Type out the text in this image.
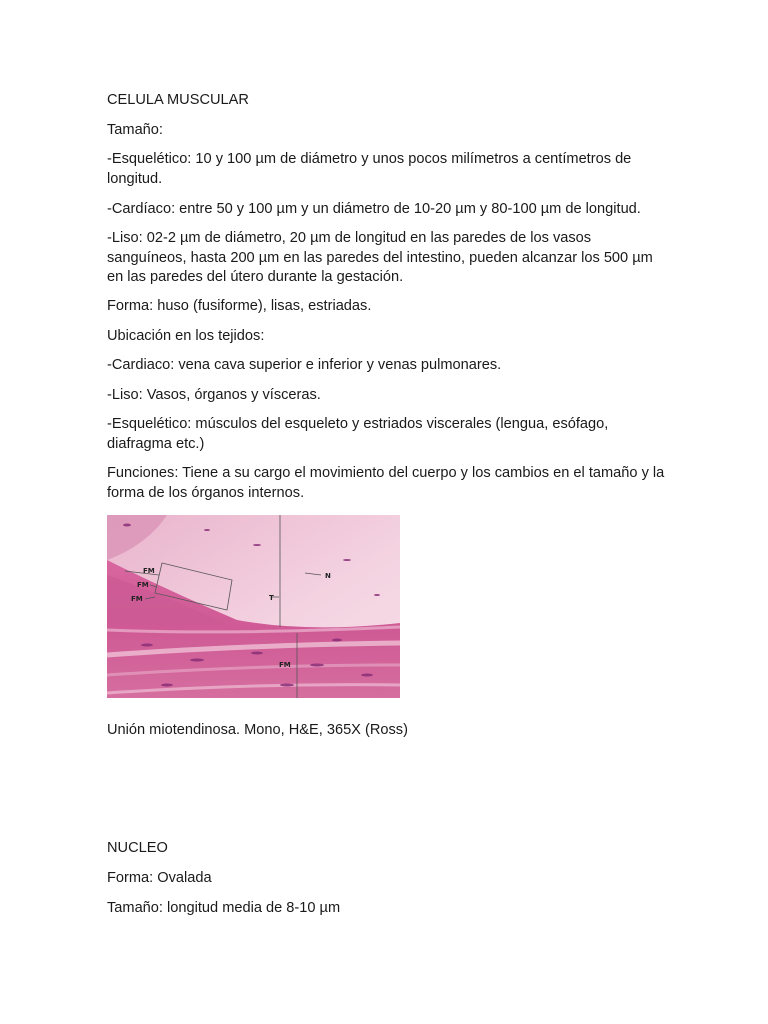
CELULA MUSCULAR

Tamaño:

-Esquelético: 10 y 100 µm de diámetro y unos pocos milímetros a centímetros de longitud.

-Cardíaco: entre 50 y 100 µm y un diámetro de 10-20 µm y 80-100 µm de longitud.

-Liso: 02-2 µm de diámetro, 20 µm de longitud en las paredes de los vasos sanguíneos, hasta 200 µm en las paredes del intestino, pueden alcanzar los 500 µm en las paredes del útero durante la gestación.

Forma: huso (fusiforme), lisas, estriadas.

Ubicación en los tejidos:

-Cardiaco: vena cava superior e inferior y venas pulmonares.

-Liso: Vasos, órganos y vísceras.

-Esquelético: músculos del esqueleto y estriados viscerales (lengua, esófago, diafragma etc.)

Funciones: Tiene a su cargo el movimiento del cuerpo y los cambios en el tamaño y la forma de los órganos internos.

FM
FM
FM
N
T
FM

Unión miotendinosa. Mono, H&E, 365X (Ross)

NUCLEO

Forma: Ovalada

Tamaño: longitud media de 8-10 µm
